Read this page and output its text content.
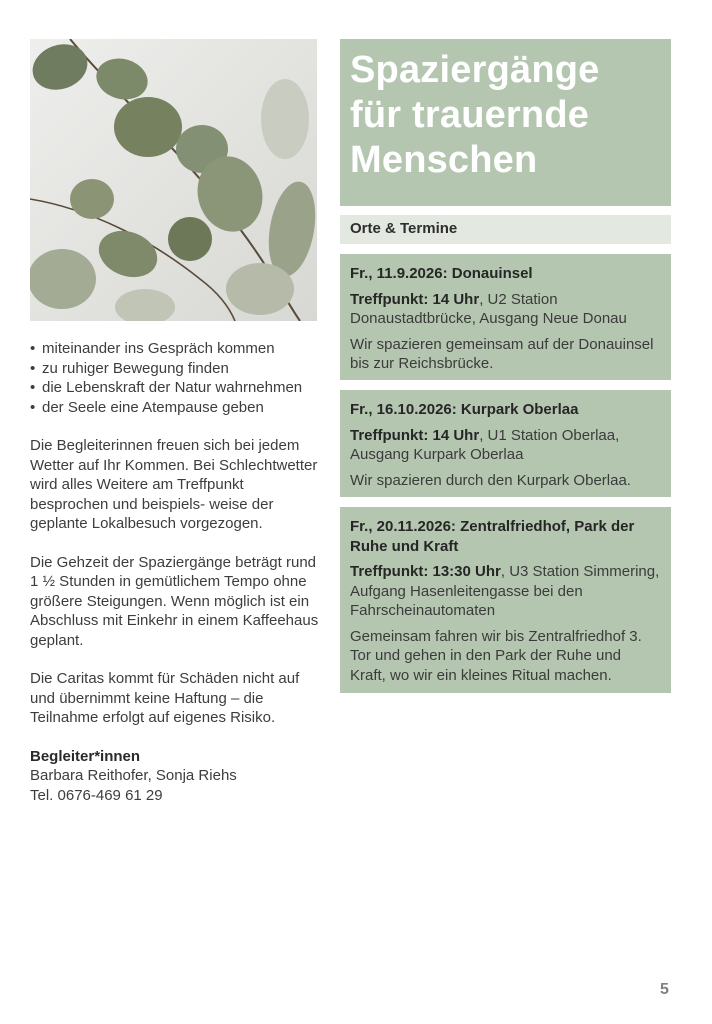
• miteinander ins Gespräch kommen
• zu ruhiger Bewegung finden
• die Lebenskraft der Natur wahrnehmen
• der Seele eine Atempause geben

Die Begleiterinnen freuen sich bei jedem Wetter auf Ihr Kommen. Bei Schlechtwetter wird alles Weitere am Treffpunkt besprochen und beispiels- weise der geplante Lokalbesuch vorgezogen.

Die Gehzeit der Spaziergänge beträgt rund 1 ½ Stunden in gemütlichem Tempo ohne größere Steigungen. Wenn möglich ist ein Abschluss mit Einkehr in einem Kaffeehaus geplant.

Die Caritas kommt für Schäden nicht auf und übernimmt keine Haftung – die Teilnahme erfolgt auf eigenes Risiko.

Begleiter*innen
Barbara Reithofer, Sonja Riehs
Tel. 0676-469 61 29
Spaziergänge für trauernde Menschen
Orte & Termine
Fr., 11.9.2026: Donauinsel
Treffpunkt: 14 Uhr, U2 Station Donaustadtbrücke, Ausgang Neue Donau
Wir spazieren gemeinsam auf der Donauinsel bis zur Reichsbrücke.
Fr., 16.10.2026: Kurpark Oberlaa
Treffpunkt: 14 Uhr, U1 Station Oberlaa, Ausgang Kurpark Oberlaa
Wir spazieren durch den Kurpark Oberlaa.
Fr., 20.11.2026: Zentralfriedhof, Park der Ruhe und Kraft
Treffpunkt: 13:30 Uhr, U3 Station Simmering, Aufgang Hasenleitengasse bei den Fahrscheinautomaten
Gemeinsam fahren wir bis Zentralfriedhof 3. Tor und gehen in den Park der Ruhe und Kraft, wo wir ein kleines Ritual machen.
5
